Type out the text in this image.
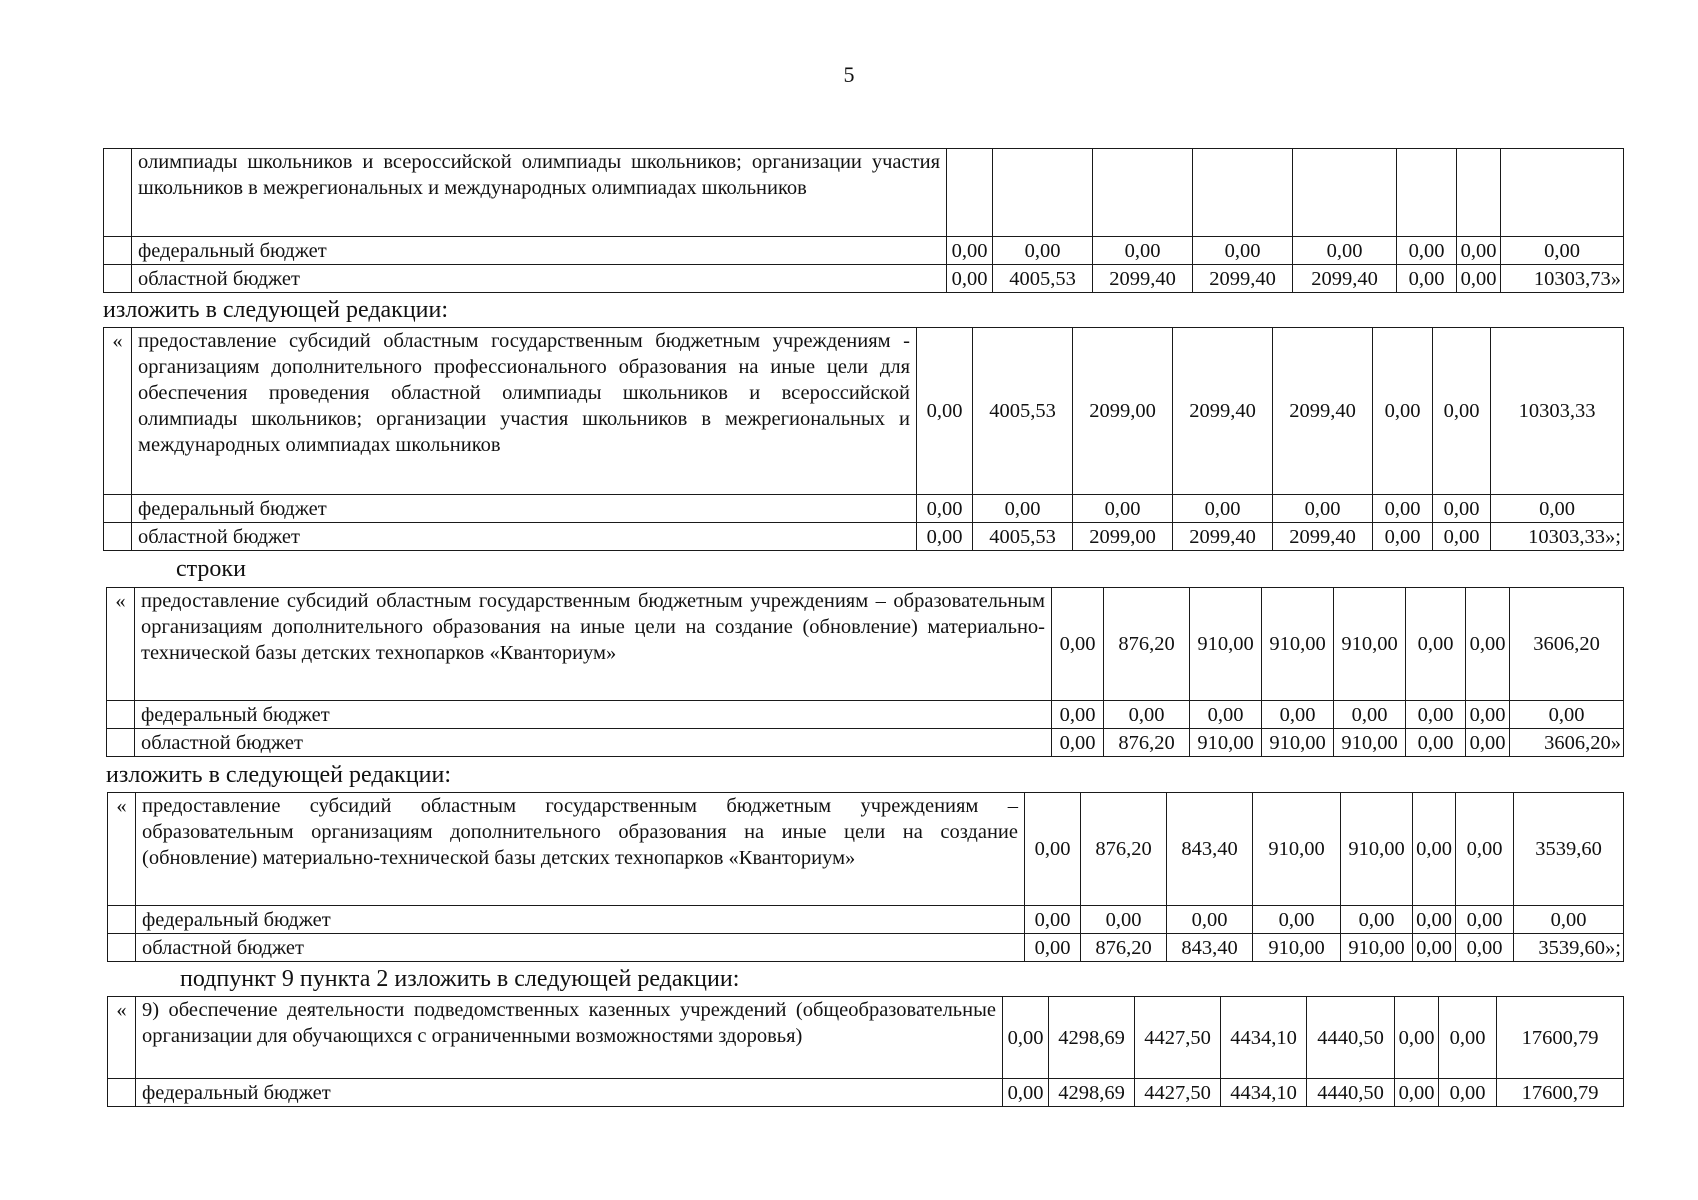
5
	олимпиады школьников и всероссийской олимпиады школьников; организации участия школьников в межрегиональных и международных олимпиадах школьников								
	федеральный бюджет	0,00	0,00	0,00	0,00	0,00	0,00	0,00	0,00
	областной бюджет	0,00	4005,53	2099,40	2099,40	2099,40	0,00	0,00	10303,73»
изложить в следующей редакции:
«	предоставление субсидий областным государственным бюджетным учреждениям - организациям дополнительного профессионального образования на иные цели для обеспечения проведения областной олимпиады школьников и всероссийской олимпиады школьников; организации участия школьников в межрегиональных и международных олимпиадах школьников	0,00	4005,53	2099,00	2099,40	2099,40	0,00	0,00	10303,33
	федеральный бюджет	0,00	0,00	0,00	0,00	0,00	0,00	0,00	0,00
	областной бюджет	0,00	4005,53	2099,00	2099,40	2099,40	0,00	0,00	10303,33»;
строки
«	предоставление субсидий областным государственным бюджетным учреждениям – образовательным организациям дополнительного образования на иные цели на создание (обновление) материально-технической базы детских технопарков «Кванториум»	0,00	876,20	910,00	910,00	910,00	0,00	0,00	3606,20
	федеральный бюджет	0,00	0,00	0,00	0,00	0,00	0,00	0,00	0,00
	областной бюджет	0,00	876,20	910,00	910,00	910,00	0,00	0,00	3606,20»
изложить в следующей редакции:
«	предоставление субсидий областным государственным бюджетным учреждениям – образовательным организациям дополнительного образования на иные цели на создание (обновление) материально-технической базы детских технопарков «Кванториум»	0,00	876,20	843,40	910,00	910,00	0,00	0,00	3539,60
	федеральный бюджет	0,00	0,00	0,00	0,00	0,00	0,00	0,00	0,00
	областной бюджет	0,00	876,20	843,40	910,00	910,00	0,00	0,00	3539,60»;
подпункт 9 пункта 2 изложить в следующей редакции:
«	9) обеспечение деятельности подведомственных казенных учреждений (общеобразовательные организации для обучающихся с ограниченными возможностями здоровья)	0,00	4298,69	4427,50	4434,10	4440,50	0,00	0,00	17600,79
	федеральный бюджет	0,00	4298,69	4427,50	4434,10	4440,50	0,00	0,00	17600,79
